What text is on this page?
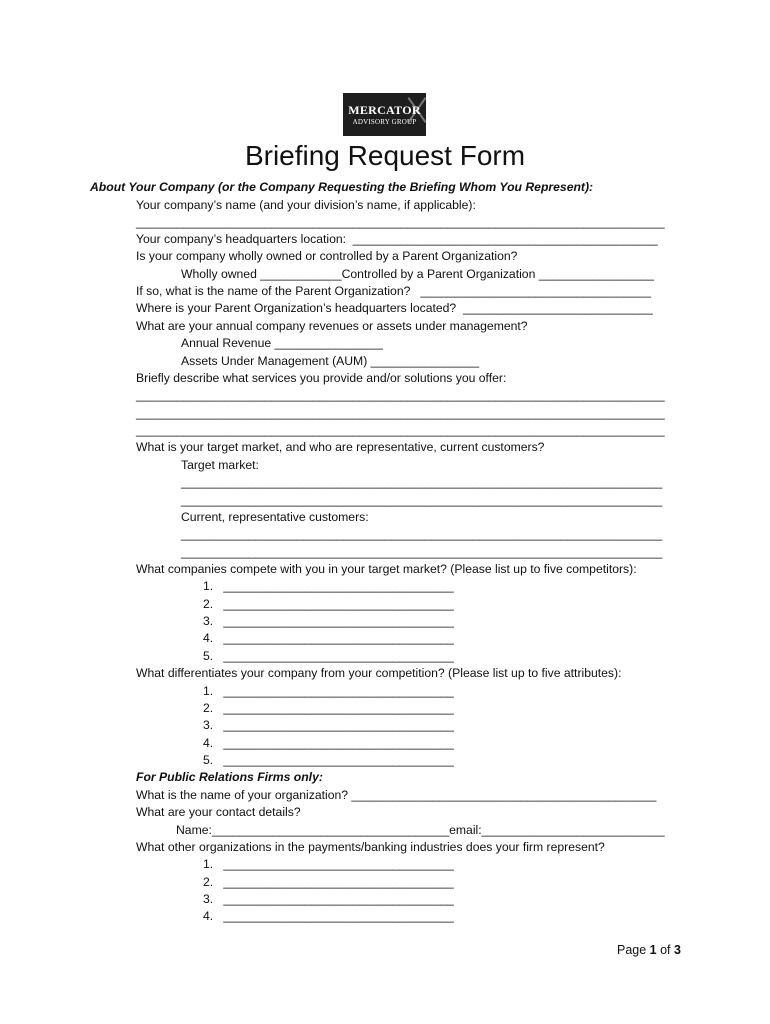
MERCATOR
ADVISORY GROUP
Briefing Request Form
About Your Company (or the Company Requesting the Briefing Whom You Represent):
Your company’s name (and your division’s name, if applicable):
______________________________________________________________________________
Your company’s headquarters location:  _____________________________________________
Is your company wholly owned or controlled by a Parent Organization?
Wholly owned ____________Controlled by a Parent Organization _________________
If so, what is the name of the Parent Organization?   __________________________________
Where is your Parent Organization’s headquarters located?  ____________________________
What are your annual company revenues or assets under management?
Annual Revenue ________________
Assets Under Management (AUM) ________________
Briefly describe what services you provide and/or solutions you offer:
______________________________________________________________________________
______________________________________________________________________________
______________________________________________________________________________
What is your target market, and who are representative, current customers?
Target market:
_______________________________________________________________________
_______________________________________________________________________
Current, representative customers:
_______________________________________________________________________
_______________________________________________________________________
What companies compete with you in your target market? (Please list up to five competitors):
1.   __________________________________
2.   __________________________________
3.   __________________________________
4.   __________________________________
5.   __________________________________
What differentiates your company from your competition? (Please list up to five attributes):
1.   __________________________________
2.   __________________________________
3.   __________________________________
4.   __________________________________
5.   __________________________________
For Public Relations Firms only:
What is the name of your organization? _____________________________________________
What are your contact details?
Name:___________________________________email:___________________________
What other organizations in the payments/banking industries does your firm represent?
1.   __________________________________
2.   __________________________________
3.   __________________________________
4.   __________________________________
Page 1 of 3
